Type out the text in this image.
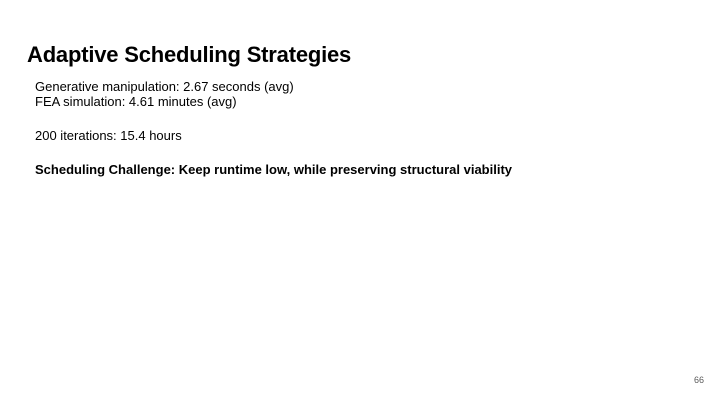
Adaptive Scheduling Strategies

Generative manipulation: 2.67 seconds (avg)

FEA simulation: 4.61 minutes (avg)

200 iterations: 15.4 hours

Scheduling Challenge: Keep runtime low, while preserving structural viability

66
